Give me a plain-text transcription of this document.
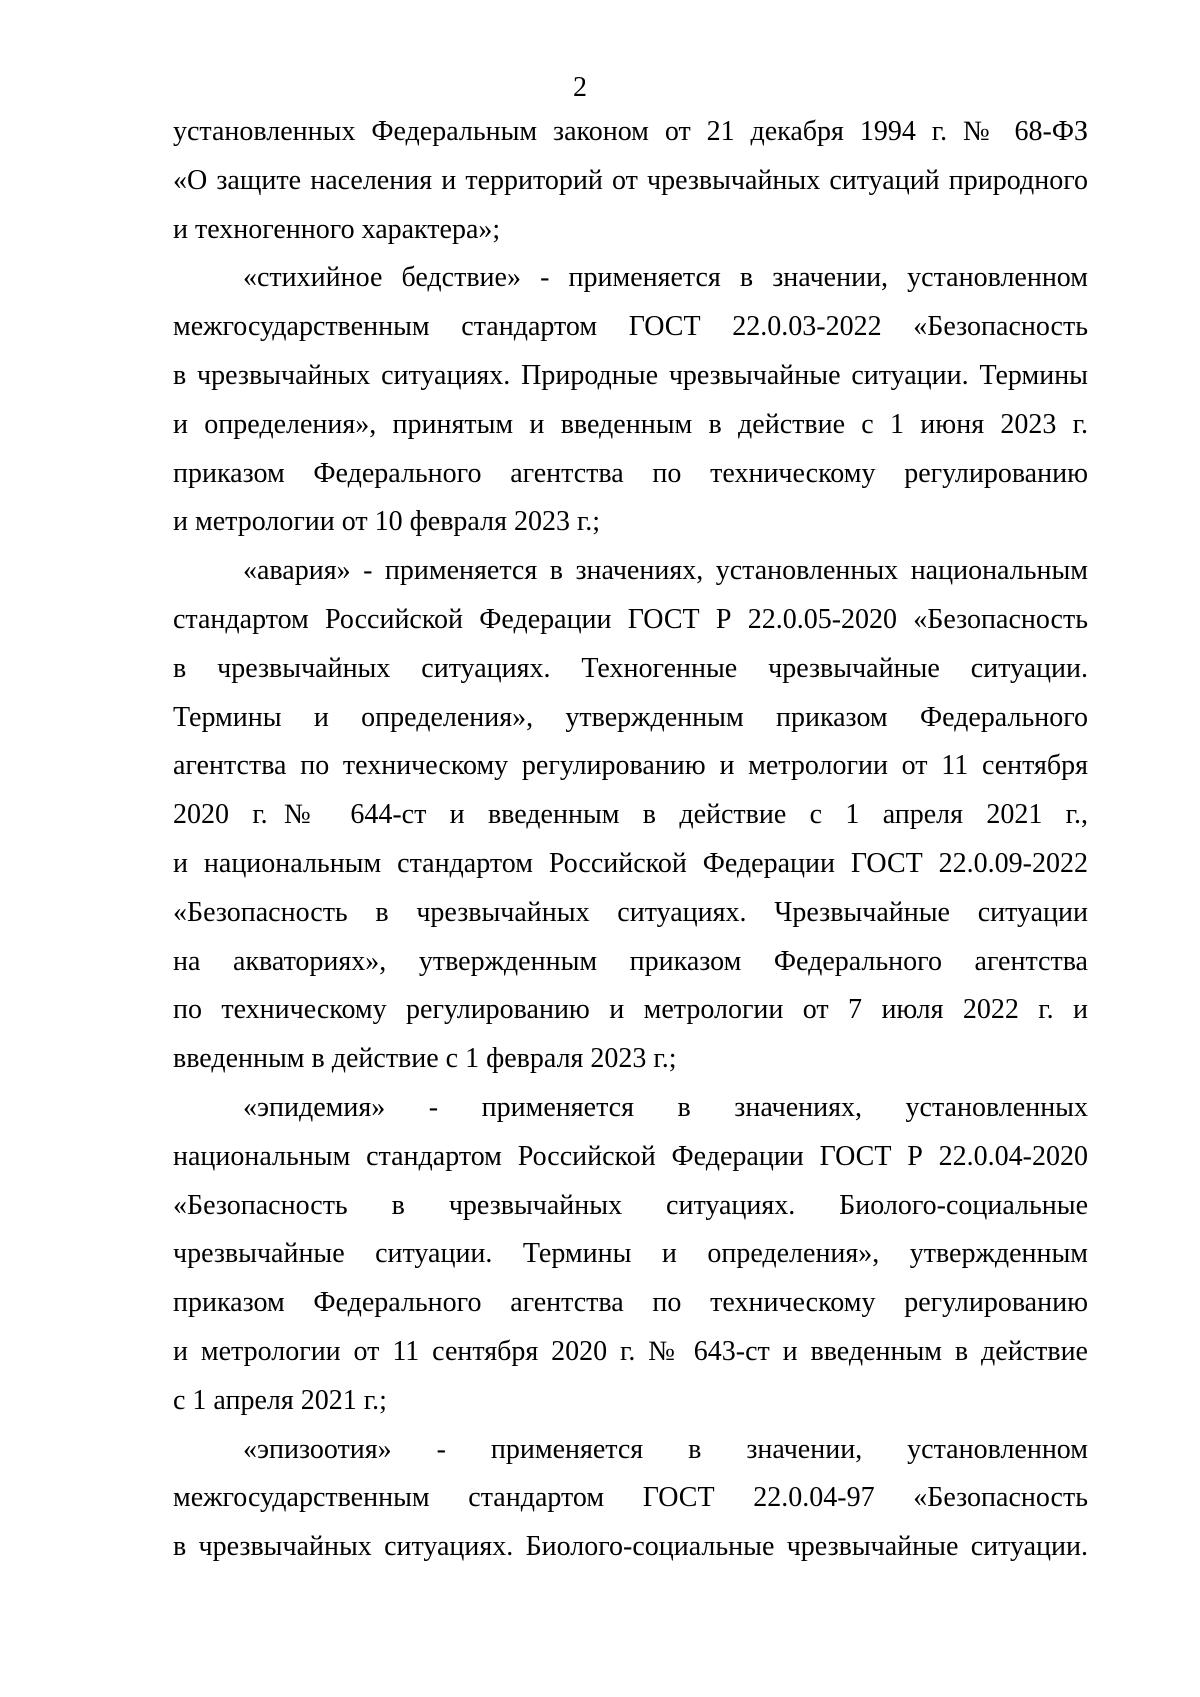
2

установленных Федеральным законом от 21 декабря 1994 г. № 68-ФЗ
«О защите населения и территорий от чрезвычайных ситуаций природного
и техногенного характера»;

«стихийное бедствие» - применяется в значении, установленном
межгосударственным стандартом ГОСТ 22.0.03-2022 «Безопасность
в чрезвычайных ситуациях. Природные чрезвычайные ситуации. Термины
и определения», принятым и введенным в действие с 1 июня 2023 г.
приказом Федерального агентства по техническому регулированию
и метрологии от 10 февраля 2023 г.;

«авария» - применяется в значениях, установленных национальным
стандартом Российской Федерации ГОСТ Р 22.0.05-2020 «Безопасность
в чрезвычайных ситуациях. Техногенные чрезвычайные ситуации.
Термины и определения», утвержденным приказом Федерального
агентства по техническому регулированию и метрологии от 11 сентября
2020 г.№ 644-ст и введенным в действие с 1 апреля 2021 г.,
и национальным стандартом Российской Федерации ГОСТ 22.0.09-2022
«Безопасность в чрезвычайных ситуациях. Чрезвычайные ситуации
на акваториях», утвержденным приказом Федерального агентства
по техническому регулированию и метрологии от 7 июля 2022 г. и
введенным в действие с 1 февраля 2023 г.;

«эпидемия» - применяется в значениях, установленных
национальным стандартом Российской Федерации ГОСТ Р 22.0.04-2020
«Безопасность в чрезвычайных ситуациях. Биолого-социальные
чрезвычайные ситуации. Термины и определения», утвержденным
приказом Федерального агентства по техническому регулированию
и метрологии от 11 сентября 2020 г. № 643-ст и введенным в действие
с 1 апреля 2021 г.;

«эпизоотия» - применяется в значении, установленном
межгосударственным стандартом ГОСТ 22.0.04-97 «Безопасность
в чрезвычайных ситуациях. Биолого-социальные чрезвычайные ситуации.
